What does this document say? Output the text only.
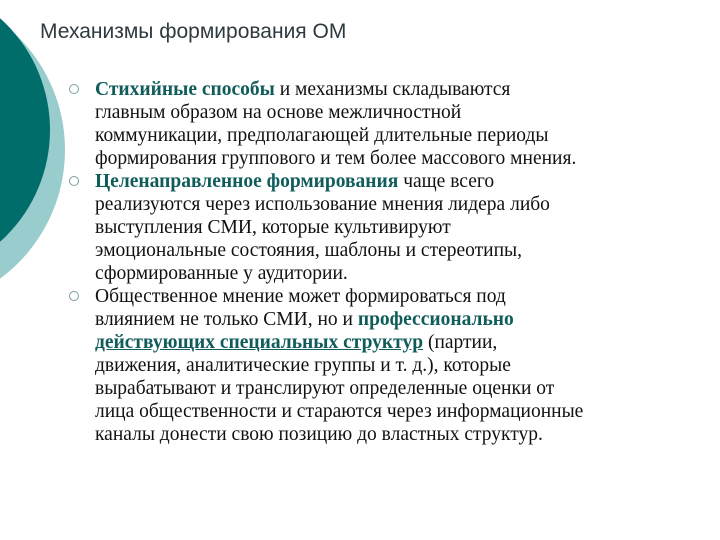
Механизмы формирования ОМ
Стихийные способы и механизмы складываются
главным образом на основе межличностной
коммуникации, предполагающей длительные периоды
формирования группового и тем более массового мнения.
Целенаправленное формирования чаще всего
реализуются через использование мнения лидера либо
выступления СМИ, которые культивируют
эмоциональные состояния, шаблоны и стереотипы,
сформированные у аудитории.
Общественное мнение может формироваться под
влиянием не только СМИ, но и профессионально
действующих специальных структур (партии,
движения, аналитические группы и т. д.), которые
вырабатывают и транслируют определенные оценки от
лица общественности и стараются через информационные
каналы донести свою позицию до властных структур.
